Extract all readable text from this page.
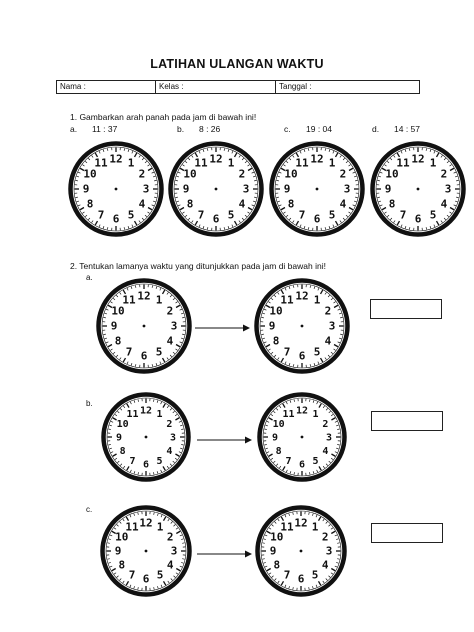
LATIHAN ULANGAN WAKTU
Nama :	Kelas :	Tanggal :
1. Gambarkan arah panah pada jam di bawah ini!
a. 11 : 37	b. 8 : 26	c. 19 : 04	d. 14 : 57
12 1
2
3
4
5
6
7
8
9
10
11	12 1
2
3
4
5
6
7
8
9
10
11	12 1
2
3
4
5
6
7
8
9
10
11	12 1
2
3
4
5
6
7
8
9
10
11
2. Tentukan lamanya waktu yang ditunjukkan pada jam di bawah ini!
a.
12 1
2
3
4
5
6
7
8
9
10
11	12 1
2
3
4
5
6
7
8
9
10
11
b.
12 1
2
3
4
5
6
7
8
9
10
11	12 1
2
3
4
5
6
7
8
9
10
11
c.
12 1
2
3
4
5
6
7
8
9
10
11	12 1
2
3
4
5
6
7
8
9
10
11
